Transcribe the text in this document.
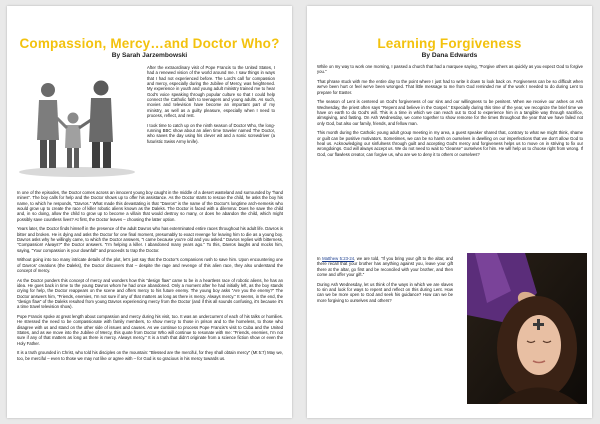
Compassion, Mercy…and Doctor Who?
By Sarah Jarzembowski

After the extraordinary visit of Pope Francis to the United States, I had a renewed vision of the world around me. I saw things in ways that I had not experienced before. The Lord's call for compassion and mercy, especially during the Jubilee of Mercy, was heightened. My experience in youth and young adult ministry trained me to hear God's voice speaking through popular culture so that I could help connect the Catholic faith to teenagers and young adults. As such, movies and television have become an important part of my ministry, as well as a guilty pleasure, especially when I need to process, reflect, and rest.

I took time to catch up on the ninth season of Doctor Who, the long-running BBC show about an alien time traveler named The Doctor, who saves the day using his clever wit and a sonic screwdriver (a futuristic Swiss Army knife).

In one of the episodes, the Doctor comes across an innocent young boy caught in the middle of a desert wasteland and surrounded by "hand mines". The boy calls for help and the Doctor shows up to offer his assistance. As the Doctor starts to rescue the child, he asks the boy his name, to which he responds, "Davros." What made this devastating is that "Davros" is the name of the Doctor's longtime arch-nemesis who would grow up to create the race of killer robotic aliens known as the Daleks. The Doctor is faced with a dilemma: Does he save the child and, in so doing, allow the child to grow up to become a villain that would destroy so many, or does he abandon the child, which might possibly save countless lives? At first, the Doctor leaves – choosing the latter option.

Years later, the Doctor finds himself in the presence of the adult Davros who has exterminated entire races throughout his adult life. Davros is bitter and broken. He is dying and asks the Doctor for one final moment, presumably to exact revenge for leaving him to die as a young boy. Davros asks why he willingly came, to which the Doctor answers, "I came because you're old and you asked." Davros replies with bitterness, "Compassion! Always?" the Doctor answers. "I'm helping a killer. I abandoned many years ago." To this, Davros laughs and mocks him, saying, "Your compassion is your downfall" and proceeds to trap the Doctor.

Without going into too many intricate details of the plot, let's just say that the Doctor's companions rush to save him. Upon encountering one of Davros' creations (the Daleks), the Doctor discovers that – despite the rage and revenge of this alien race, they also understand the concept of mercy.

As the Doctor ponders this concept of mercy and wonders how this "design flaw" came to be in a heartless race of robotic aliens, he has an idea. He goes back in time to the young Davros whom he had once abandoned. Only a moment after he had initially left, as the boy stands crying for help, the Doctor reappears on the scene and offers mercy to his future enemy. The young boy asks "Are you the enemy?" The Doctor answers him, "Friends, enemies, I'm not sure if any of that matters as long as there is mercy. Always mercy." It seems, in the end, the "design flaw" of the Daleks resulted from young Davros experiencing mercy from the Doctor (and if this all sounds confusing, it's because it's a time travel television show).

Pope Francis spoke at great length about compassion and mercy during his visit, too. It was an undercurrent of each of his talks or homilies. He stressed the need to be compassionate with family members, to show mercy to those in prison and to the homeless, to those who disagree with us and stand on the other side of issues and causes. As we continue to process Pope Francis's visit to Cuba and the United States, and as we move into the Jubilee of Mercy, this quote from Doctor Who will continue to resonate with me: "Friends, enemies, I'm not sure if any of that matters as long as there is mercy. Always mercy." It is a truth that didn't originate from a science fiction show or even the Holy Father.

It is a truth grounded in Christ, who told his disciples on the mountain: "Blessed are the merciful, for they shall obtain mercy" (Mt 5:7) May we, too, be merciful – even to those we may not like or agree with – for God is so gracious in his mercy towards us.

Learning Forgiveness
By Dana Edwards

While on my way to work one morning, I passed a church that had a marquee saying, "Forgive others as quickly as you expect God to forgive you."

That phrase stuck with me the entire day to the point where I just had to write it down to look back on. Forgiveness can be so difficult when we've been hurt or feel we've been wronged. That little message to me from God reminded me of the work I needed to do during Lent to prepare for Easter.

The season of Lent is centered on God's forgiveness of our sins and our willingness to be penitent. When we receive our ashes on Ash Wednesday, the priest often says "Repent and believe in the Gospel." Especially during this time of the year, we recognize the brief time we have on earth to do God's will. This is a time in which we can reach out to God to experience him in a tangible way through sacrifice, almsgiving, and fasting. On Ash Wednesday, we come together to show remorse for the times throughout the year that we have failed not only God, but also our family, friends, and fellow man.

This month during the Catholic young adult group meeting in my area, a guest speaker shared that, contrary to what we might think, shame or guilt can be positive motivators. Sometimes, we can be so harsh on ourselves in dwelling on our imperfections that we don't allow God to heal us. Acknowledging our sinfulness through guilt and accepting God's mercy and forgiveness helps us to move on in striving to fix our wrongdoings. God will always accept us. We do not need to wait to "cleanse" ourselves for him. He will help us to choose right from wrong. If God, our flawless creator, can forgive us, who are we to deny it to others or ourselves?

In Matthew 5:23-24, we are told, "If you bring your gift to the altar, and there recall that your brother has anything against you, leave your gift there at the altar, go first and be reconciled with your brother, and then come and offer your gift."

During Ash Wednesday, let us think of the ways in which we are slaves to sin and look for ways to repent and reflect on this during Lent. How can we be more open to God and seek his guidance? How can we be more forgiving to ourselves and others?
